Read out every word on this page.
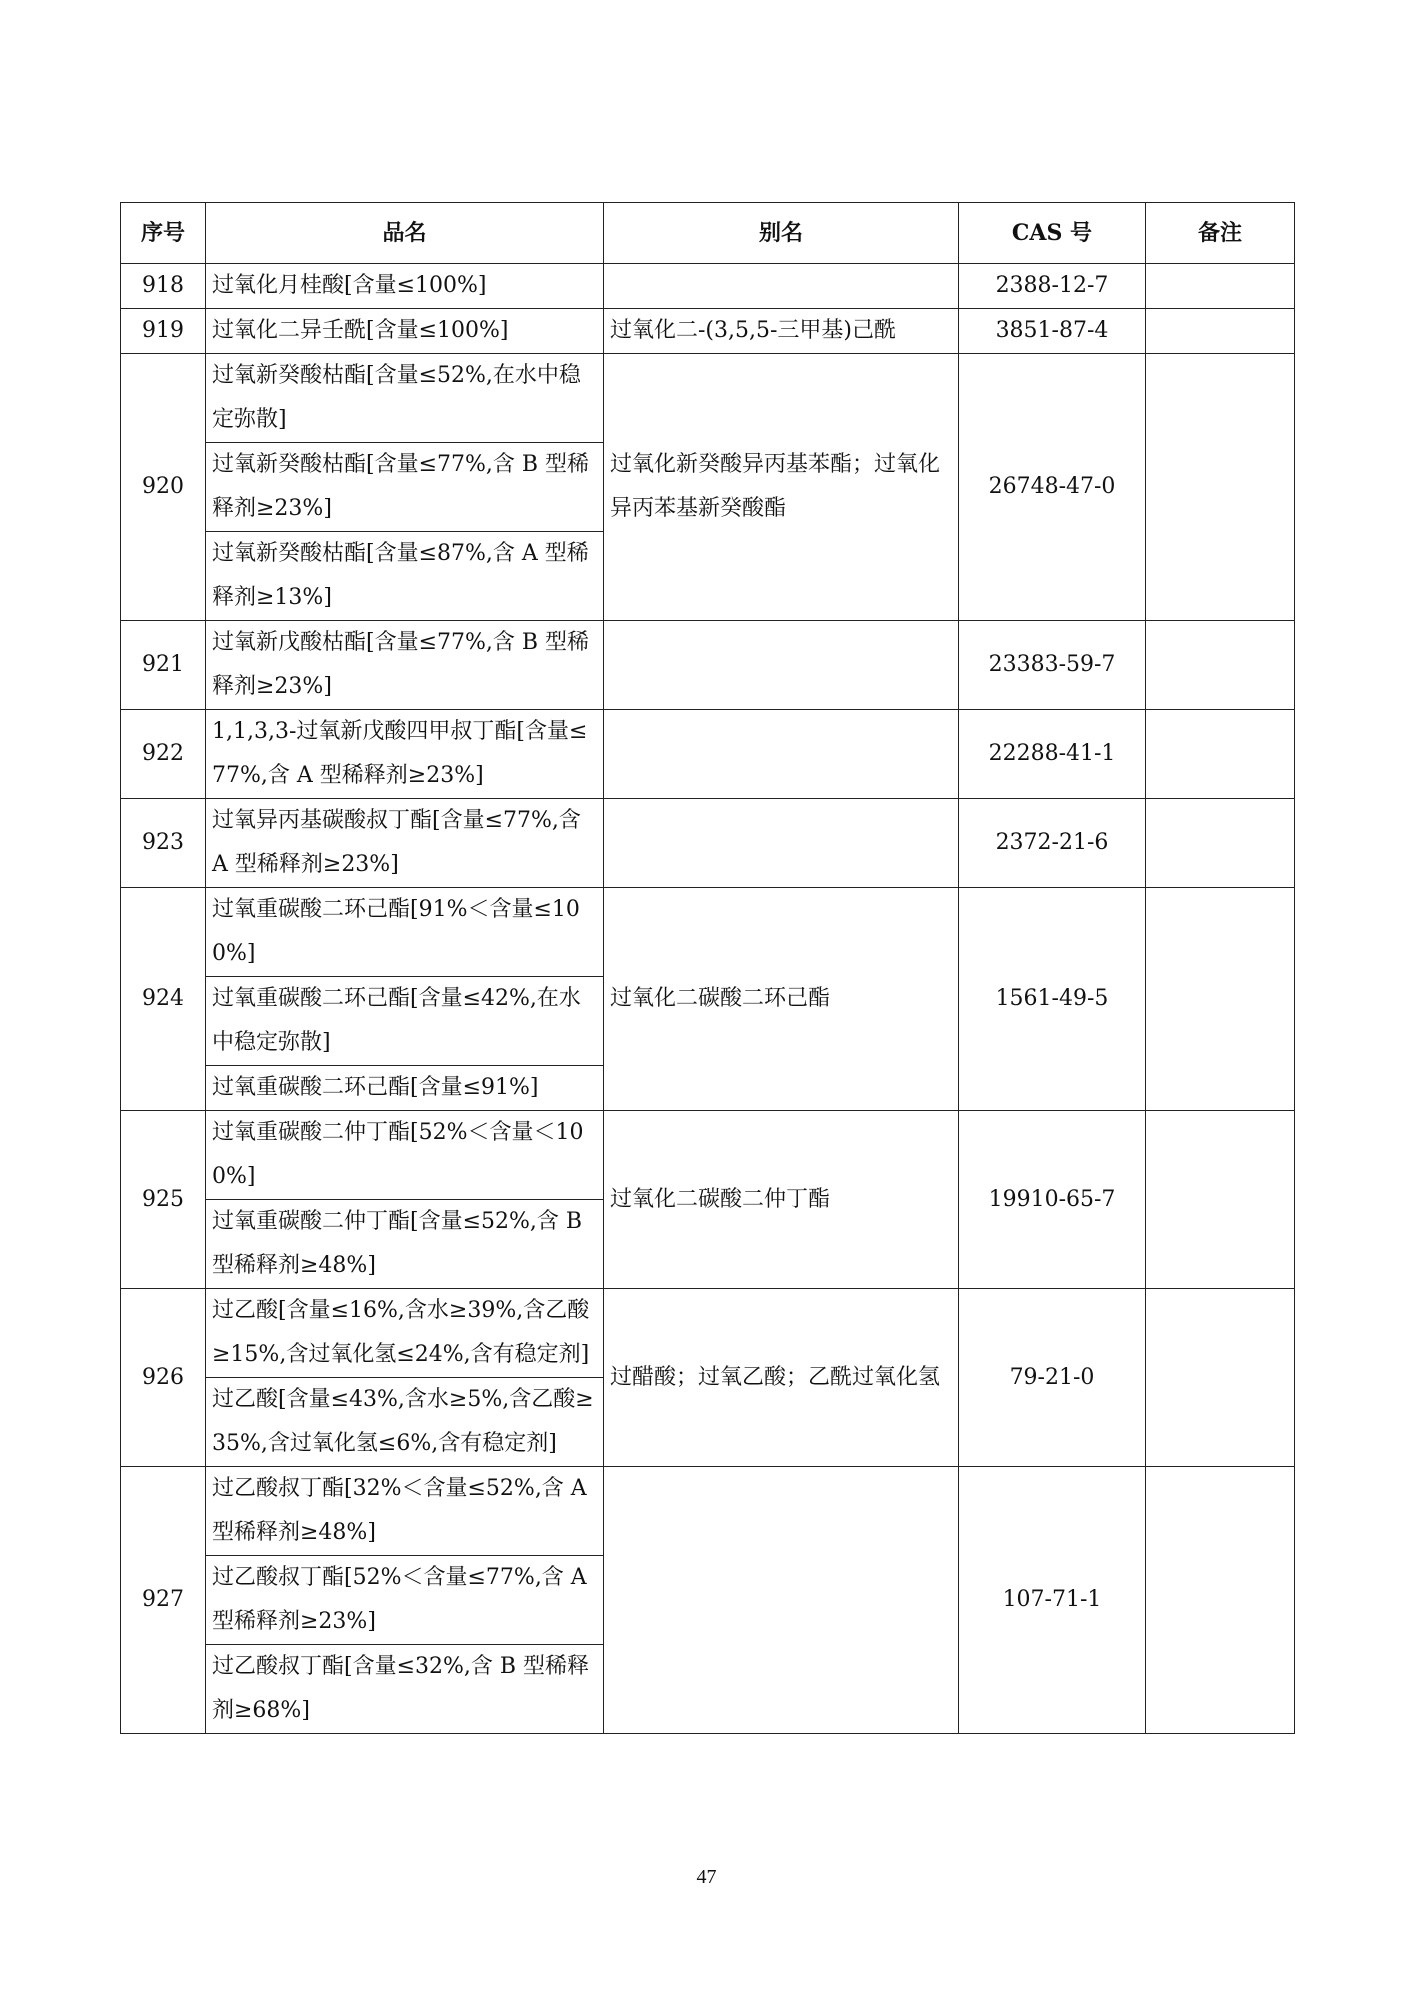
序号	品名	别名	CAS 号	备注
918	过氧化月桂酸[含量≤100%]		2388-12-7	
919	过氧化二异壬酰[含量≤100%]	过氧化二-(3,5,5-三甲基)己酰	3851-87-4	
920	过氧新癸酸枯酯[含量≤52%,在水中稳定弥散]	过氧化新癸酸异丙基苯酯；过氧化异丙苯基新癸酸酯	26748-47-0	
	过氧新癸酸枯酯[含量≤77%,含 B 型稀释剂≥23%]			
	过氧新癸酸枯酯[含量≤87%,含 A 型稀释剂≥13%]			
921	过氧新戊酸枯酯[含量≤77%,含 B 型稀释剂≥23%]		23383-59-7	
922	1,1,3,3-过氧新戊酸四甲叔丁酯[含量≤77%,含 A 型稀释剂≥23%]		22288-41-1	
923	过氧异丙基碳酸叔丁酯[含量≤77%,含 A 型稀释剂≥23%]		2372-21-6	
924	过氧重碳酸二环己酯[91%＜含量≤100%]	过氧化二碳酸二环己酯	1561-49-5	
	过氧重碳酸二环己酯[含量≤42%,在水中稳定弥散]			
	过氧重碳酸二环己酯[含量≤91%]			
925	过氧重碳酸二仲丁酯[52%＜含量＜100%]	过氧化二碳酸二仲丁酯	19910-65-7	
	过氧重碳酸二仲丁酯[含量≤52%,含 B 型稀释剂≥48%]			
926	过乙酸[含量≤16%,含水≥39%,含乙酸≥15%,含过氧化氢≤24%,含有稳定剂]	过醋酸；过氧乙酸；乙酰过氧化氢	79-21-0	
	过乙酸[含量≤43%,含水≥5%,含乙酸≥35%,含过氧化氢≤6%,含有稳定剂]			
927	过乙酸叔丁酯[32%＜含量≤52%,含 A 型稀释剂≥48%]		107-71-1	
	过乙酸叔丁酯[52%＜含量≤77%,含 A 型稀释剂≥23%]			
	过乙酸叔丁酯[含量≤32%,含 B 型稀释剂≥68%]			
47
